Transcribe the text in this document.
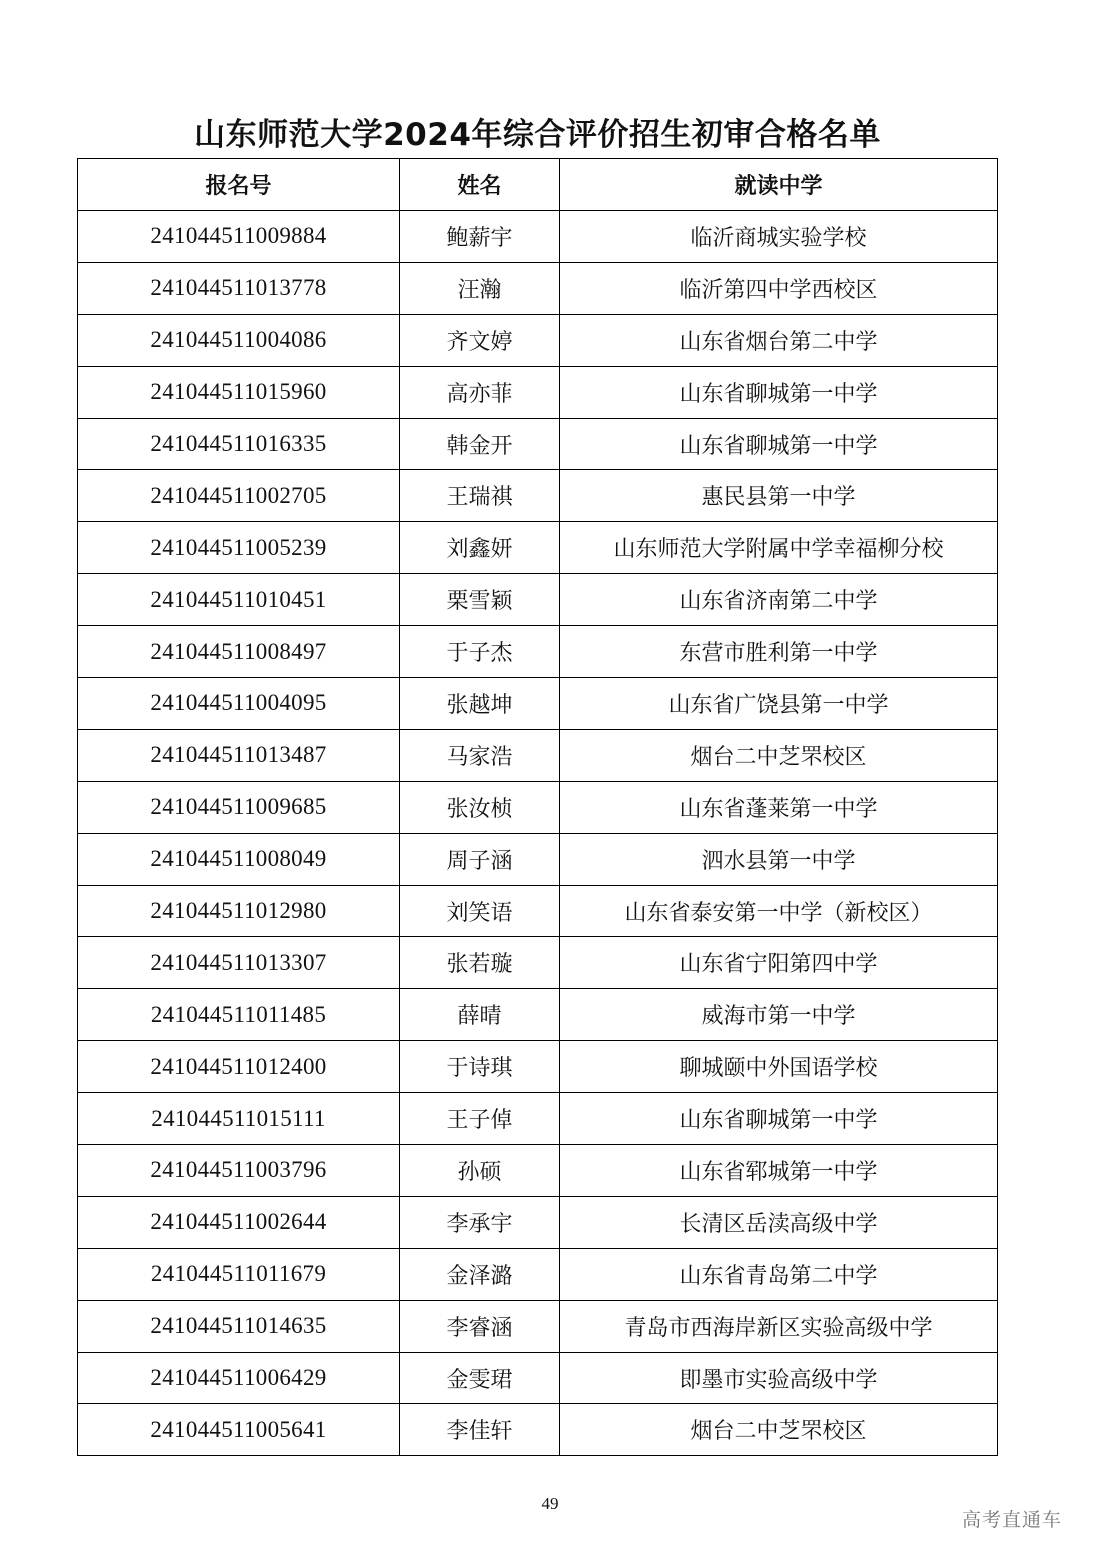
山东师范大学2024年综合评价招生初审合格名单
报名号	姓名	就读中学
241044511009884	鲍薪宇	临沂商城实验学校
241044511013778	汪瀚	临沂第四中学西校区
241044511004086	齐文婷	山东省烟台第二中学
241044511015960	高亦菲	山东省聊城第一中学
241044511016335	韩金开	山东省聊城第一中学
241044511002705	王瑞祺	惠民县第一中学
241044511005239	刘鑫妍	山东师范大学附属中学幸福柳分校
241044511010451	栗雪颖	山东省济南第二中学
241044511008497	于子杰	东营市胜利第一中学
241044511004095	张越坤	山东省广饶县第一中学
241044511013487	马家浩	烟台二中芝罘校区
241044511009685	张汝桢	山东省蓬莱第一中学
241044511008049	周子涵	泗水县第一中学
241044511012980	刘笑语	山东省泰安第一中学（新校区）
241044511013307	张若璇	山东省宁阳第四中学
241044511011485	薛晴	威海市第一中学
241044511012400	于诗琪	聊城颐中外国语学校
241044511015111	王子倬	山东省聊城第一中学
241044511003796	孙硕	山东省郓城第一中学
241044511002644	李承宇	长清区岳渎高级中学
241044511011679	金泽潞	山东省青岛第二中学
241044511014635	李睿涵	青岛市西海岸新区实验高级中学
241044511006429	金雯珺	即墨市实验高级中学
241044511005641	李佳轩	烟台二中芝罘校区
49
高考直通车
